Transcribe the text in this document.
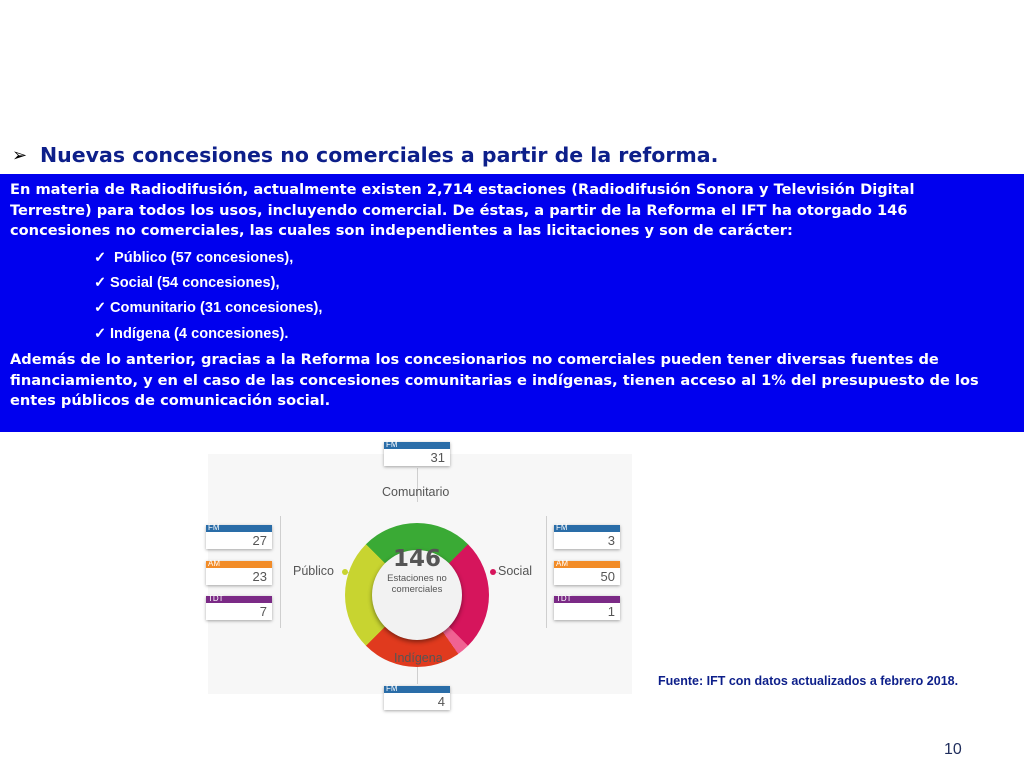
➢ Nuevas concesiones no comerciales a partir de la reforma.

En materia de Radiodifusión, actualmente existen 2,714 estaciones (Radiodifusión Sonora y Televisión Digital Terrestre) para todos los usos, incluyendo comercial. De éstas, a partir de la Reforma el IFT ha otorgado 146 concesiones no comerciales, las cuales son independientes a las licitaciones y son de carácter:

✓ Público (57 concesiones),
✓ Social (54 concesiones),
✓ Comunitario (31 concesiones),
✓ Indígena (4 concesiones).

Además de lo anterior, gracias a la Reforma los concesionarios no comerciales pueden tener diversas fuentes de financiamiento, y en el caso de las concesiones comunitarias e indígenas, tienen acceso al 1% del presupuesto de los entes públicos de comunicación social.

FM
31
Comunitario
FM
27
AM
23
TDT
7
Público
FM
3
AM
50
TDT
1
Social
146
Estaciones no comerciales
Indígena
FM
4
Fuente: IFT con datos actualizados a febrero 2018.
10
